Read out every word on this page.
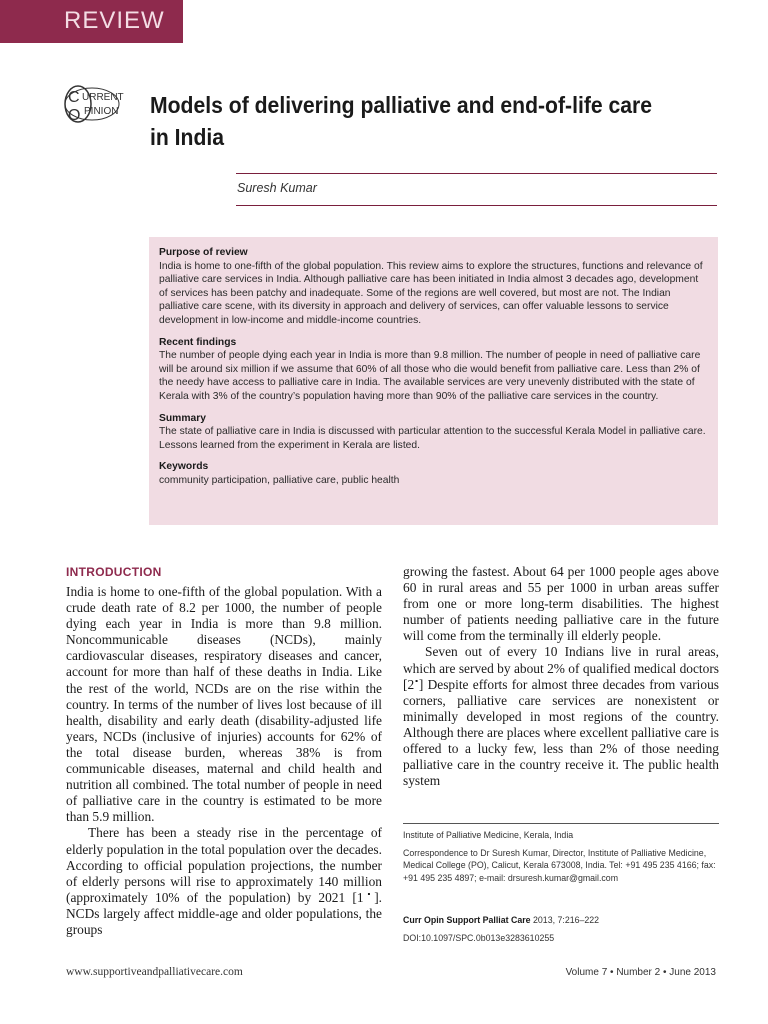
REVIEW
C
O
URRENT
PINION Models of delivering palliative and end-of-life care in India
Suresh Kumar
Purpose of review
India is home to one-fifth of the global population. This review aims to explore the structures, functions and relevance of palliative care services in India. Although palliative care has been initiated in India almost 3 decades ago, development of services has been patchy and inadequate. Some of the regions are well covered, but most are not. The Indian palliative care scene, with its diversity in approach and delivery of services, can offer valuable lessons to service development in low-income and middle-income countries.
Recent findings
The number of people dying each year in India is more than 9.8 million. The number of people in need of palliative care will be around six million if we assume that 60% of all those who die would benefit from palliative care. Less than 2% of the needy have access to palliative care in India. The available services are very unevenly distributed with the state of Kerala with 3% of the country’s population having more than 90% of the palliative care services in the country.
Summary
The state of palliative care in India is discussed with particular attention to the successful Kerala Model in palliative care. Lessons learned from the experiment in Kerala are listed.
Keywords
community participation, palliative care, public health
INTRODUCTION

India is home to one-fifth of the global population. With a crude death rate of 8.2 per 1000, the number of people dying each year in India is more than 9.8 million. Noncommunicable diseases (NCDs), mainly cardiovascular diseases, respiratory diseases and cancer, account for more than half of these deaths in India. Like the rest of the world, NCDs are on the rise within the country. In terms of the number of lives lost because of ill health, disability and early death (disability-adjusted life years, NCDs (inclusive of injuries) accounts for 62% of the total disease burden, whereas 38% is from communicable diseases, maternal and child health and nutrition all combined. The total number of people in need of palliative care in the country is estimated to be more than 5.9 million.

There has been a steady rise in the percentage of elderly population in the total population over the decades. According to official population projections, the number of elderly persons will rise to approximately 140 million (approximately 10% of the population) by 2021 [1▪]. NCDs largely affect middle-age and older populations, the groups

growing the fastest. About 64 per 1000 people ages above 60 in rural areas and 55 per 1000 in urban areas suffer from one or more long-term disabilities. The highest number of patients needing palliative care in the future will come from the terminally ill elderly people.

Seven out of every 10 Indians live in rural areas, which are served by about 2% of qualified medical doctors [2▪] Despite efforts for almost three decades from various corners, palliative care services are nonexistent or minimally developed in most regions of the country. Although there are places where excellent palliative care is offered to a lucky few, less than 2% of those needing palliative care in the country receive it. The public health system

Institute of Palliative Medicine, Kerala, India
Correspondence to Dr Suresh Kumar, Director, Institute of Palliative Medicine, Medical College (PO), Calicut, Kerala 673008, India. Tel: +91 495 235 4166; fax: +91 495 235 4897; e-mail: drsuresh.kumar@gmail.com
Curr Opin Support Palliat Care 2013, 7:216–222
DOI:10.1097/SPC.0b013e3283610255
www.supportiveandpalliativecare.com	Volume 7 • Number 2 • June 2013
